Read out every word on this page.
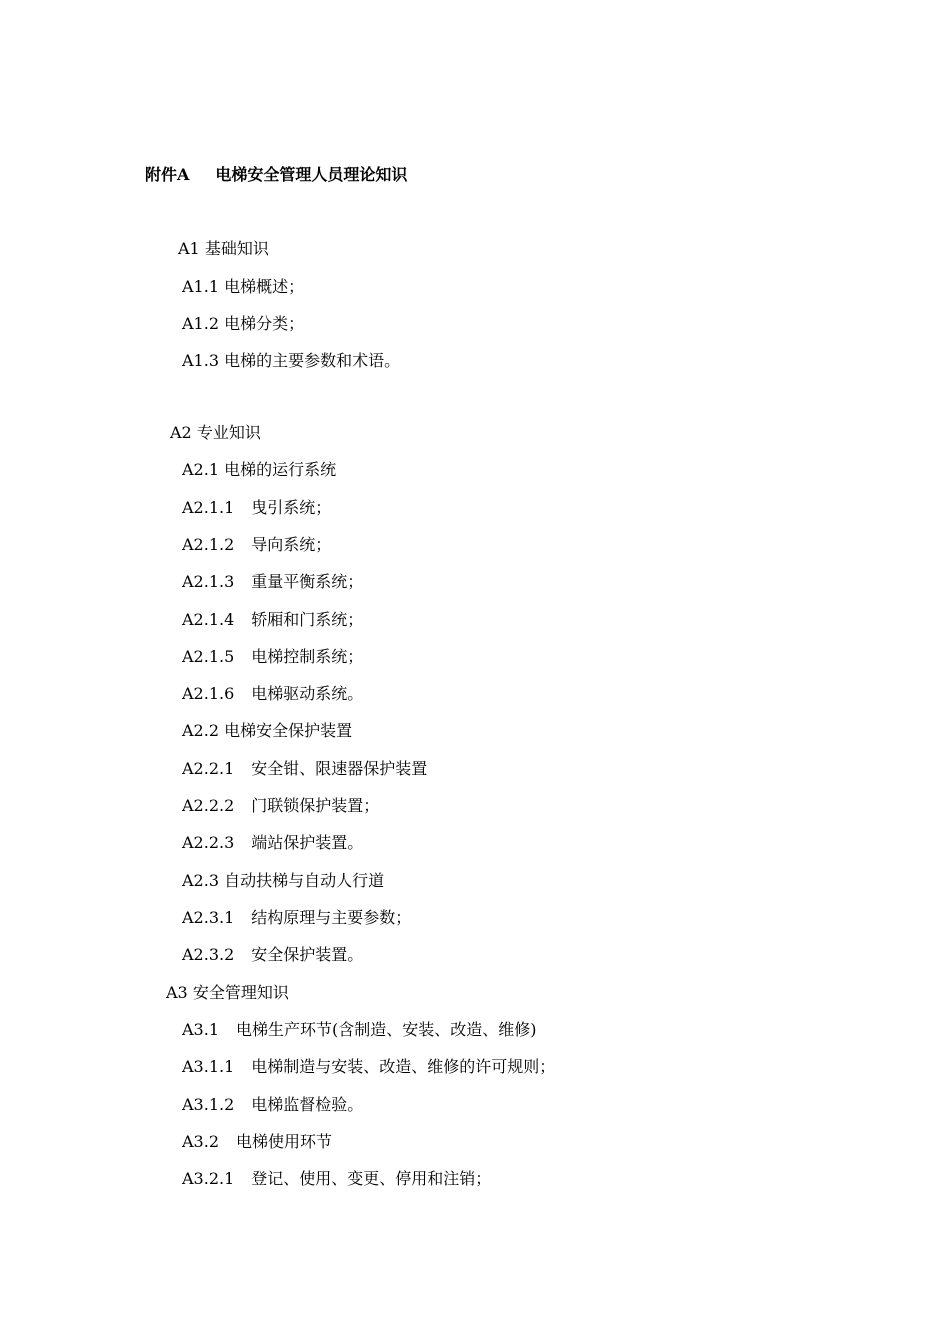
附件A 电梯安全管理人员理论知识
A1 基础知识
A1.1 电梯概述；
A1.2 电梯分类；
A1.3 电梯的主要参数和术语。
A2 专业知识
A2.1 电梯的运行系统
A2.1.1 曳引系统；
A2.1.2 导向系统；
A2.1.3 重量平衡系统；
A2.1.4 轿厢和门系统；
A2.1.5 电梯控制系统；
A2.1.6 电梯驱动系统。
A2.2 电梯安全保护装置
A2.2.1 安全钳、限速器保护装置
A2.2.2 门联锁保护装置；
A2.2.3 端站保护装置。
A2.3 自动扶梯与自动人行道
A2.3.1 结构原理与主要参数；
A2.3.2 安全保护装置。
A3 安全管理知识
A3.1 电梯生产环节(含制造、安装、改造、维修)
A3.1.1 电梯制造与安装、改造、维修的许可规则；
A3.1.2 电梯监督检验。
A3.2 电梯使用环节
A3.2.1 登记、使用、变更、停用和注销；
